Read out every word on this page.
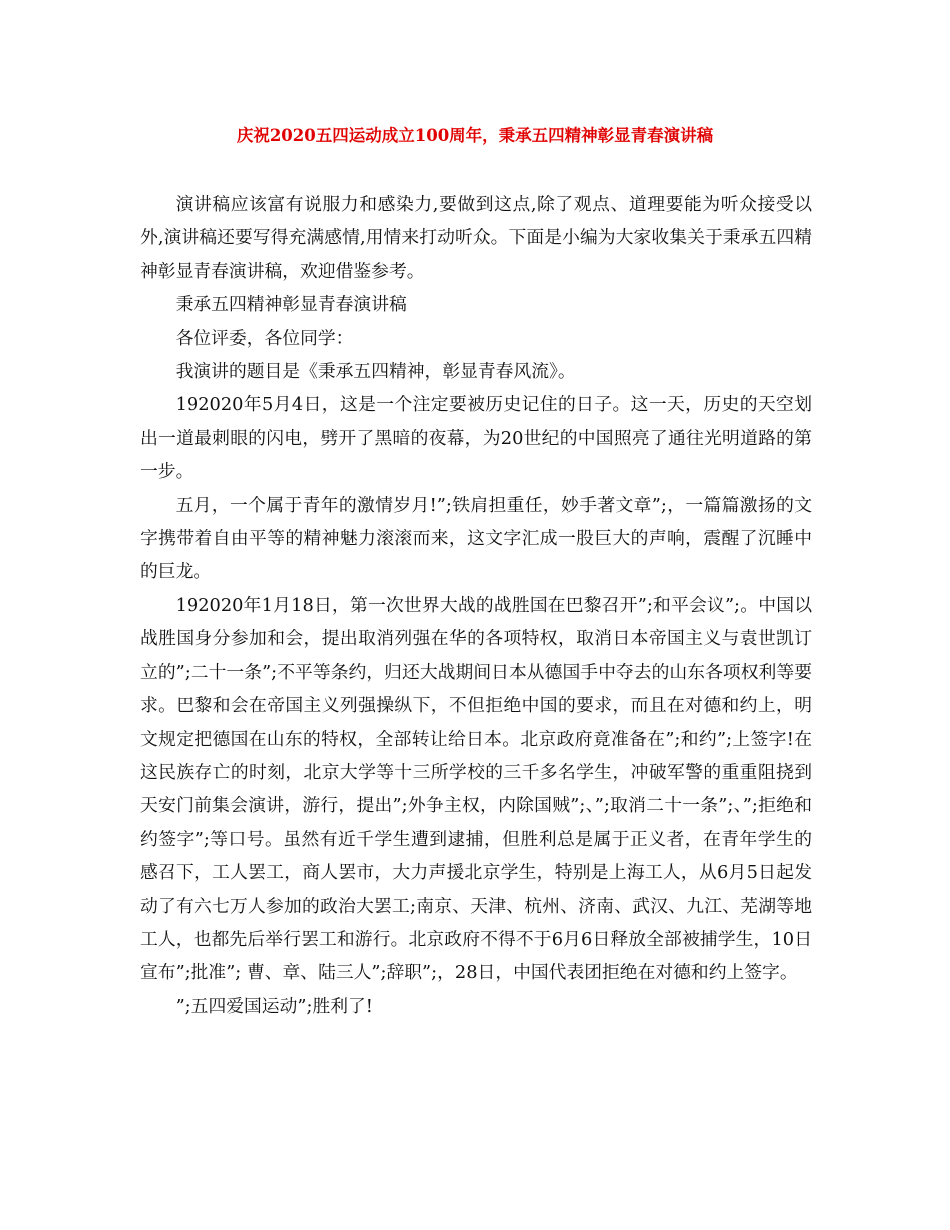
庆祝2020五四运动成立100周年，秉承五四精神彰显青春演讲稿

演讲稿应该富有说服力和感染力,要做到这点,除了观点、道理要能为听众接受以外,演讲稿还要写得充满感情,用情来打动听众。下面是小编为大家收集关于秉承五四精神彰显青春演讲稿，欢迎借鉴参考。

秉承五四精神彰显青春演讲稿

各位评委，各位同学：

我演讲的题目是《秉承五四精神，彰显青春风流》。

192020年5月4日，这是一个注定要被历史记住的日子。这一天，历史的天空划出一道最刺眼的闪电，劈开了黑暗的夜幕，为20世纪的中国照亮了通往光明道路的第一步。

五月，一个属于青年的激情岁月!”;铁肩担重任，妙手著文章”;，一篇篇激扬的文字携带着自由平等的精神魅力滚滚而来，这文字汇成一股巨大的声响，震醒了沉睡中的巨龙。

192020年1月18日，第一次世界大战的战胜国在巴黎召开”;和平会议”;。中国以战胜国身分参加和会，提出取消列强在华的各项特权，取消日本帝国主义与袁世凯订立的”;二十一条”;不平等条约，归还大战期间日本从德国手中夺去的山东各项权利等要求。巴黎和会在帝国主义列强操纵下，不但拒绝中国的要求，而且在对德和约上，明文规定把德国在山东的特权，全部转让给日本。北京政府竟准备在”;和约”;上签字!在这民族存亡的时刻，北京大学等十三所学校的三千多名学生，冲破军警的重重阻挠到天安门前集会演讲，游行，提出”;外争主权，内除国贼”;、”;取消二十一条”;、”;拒绝和约签字”;等口号。虽然有近千学生遭到逮捕，但胜利总是属于正义者，在青年学生的感召下，工人罢工，商人罢市，大力声援北京学生，特别是上海工人，从6月5日起发动了有六七万人参加的政治大罢工;南京、天津、杭州、济南、武汉、九江、芜湖等地工人，也都先后举行罢工和游行。北京政府不得不于6月6日释放全部被捕学生，10日宣布”;批准”; 曹、章、陆三人”;辞职”;，28日，中国代表团拒绝在对德和约上签字。

”;五四爱国运动”;胜利了!
